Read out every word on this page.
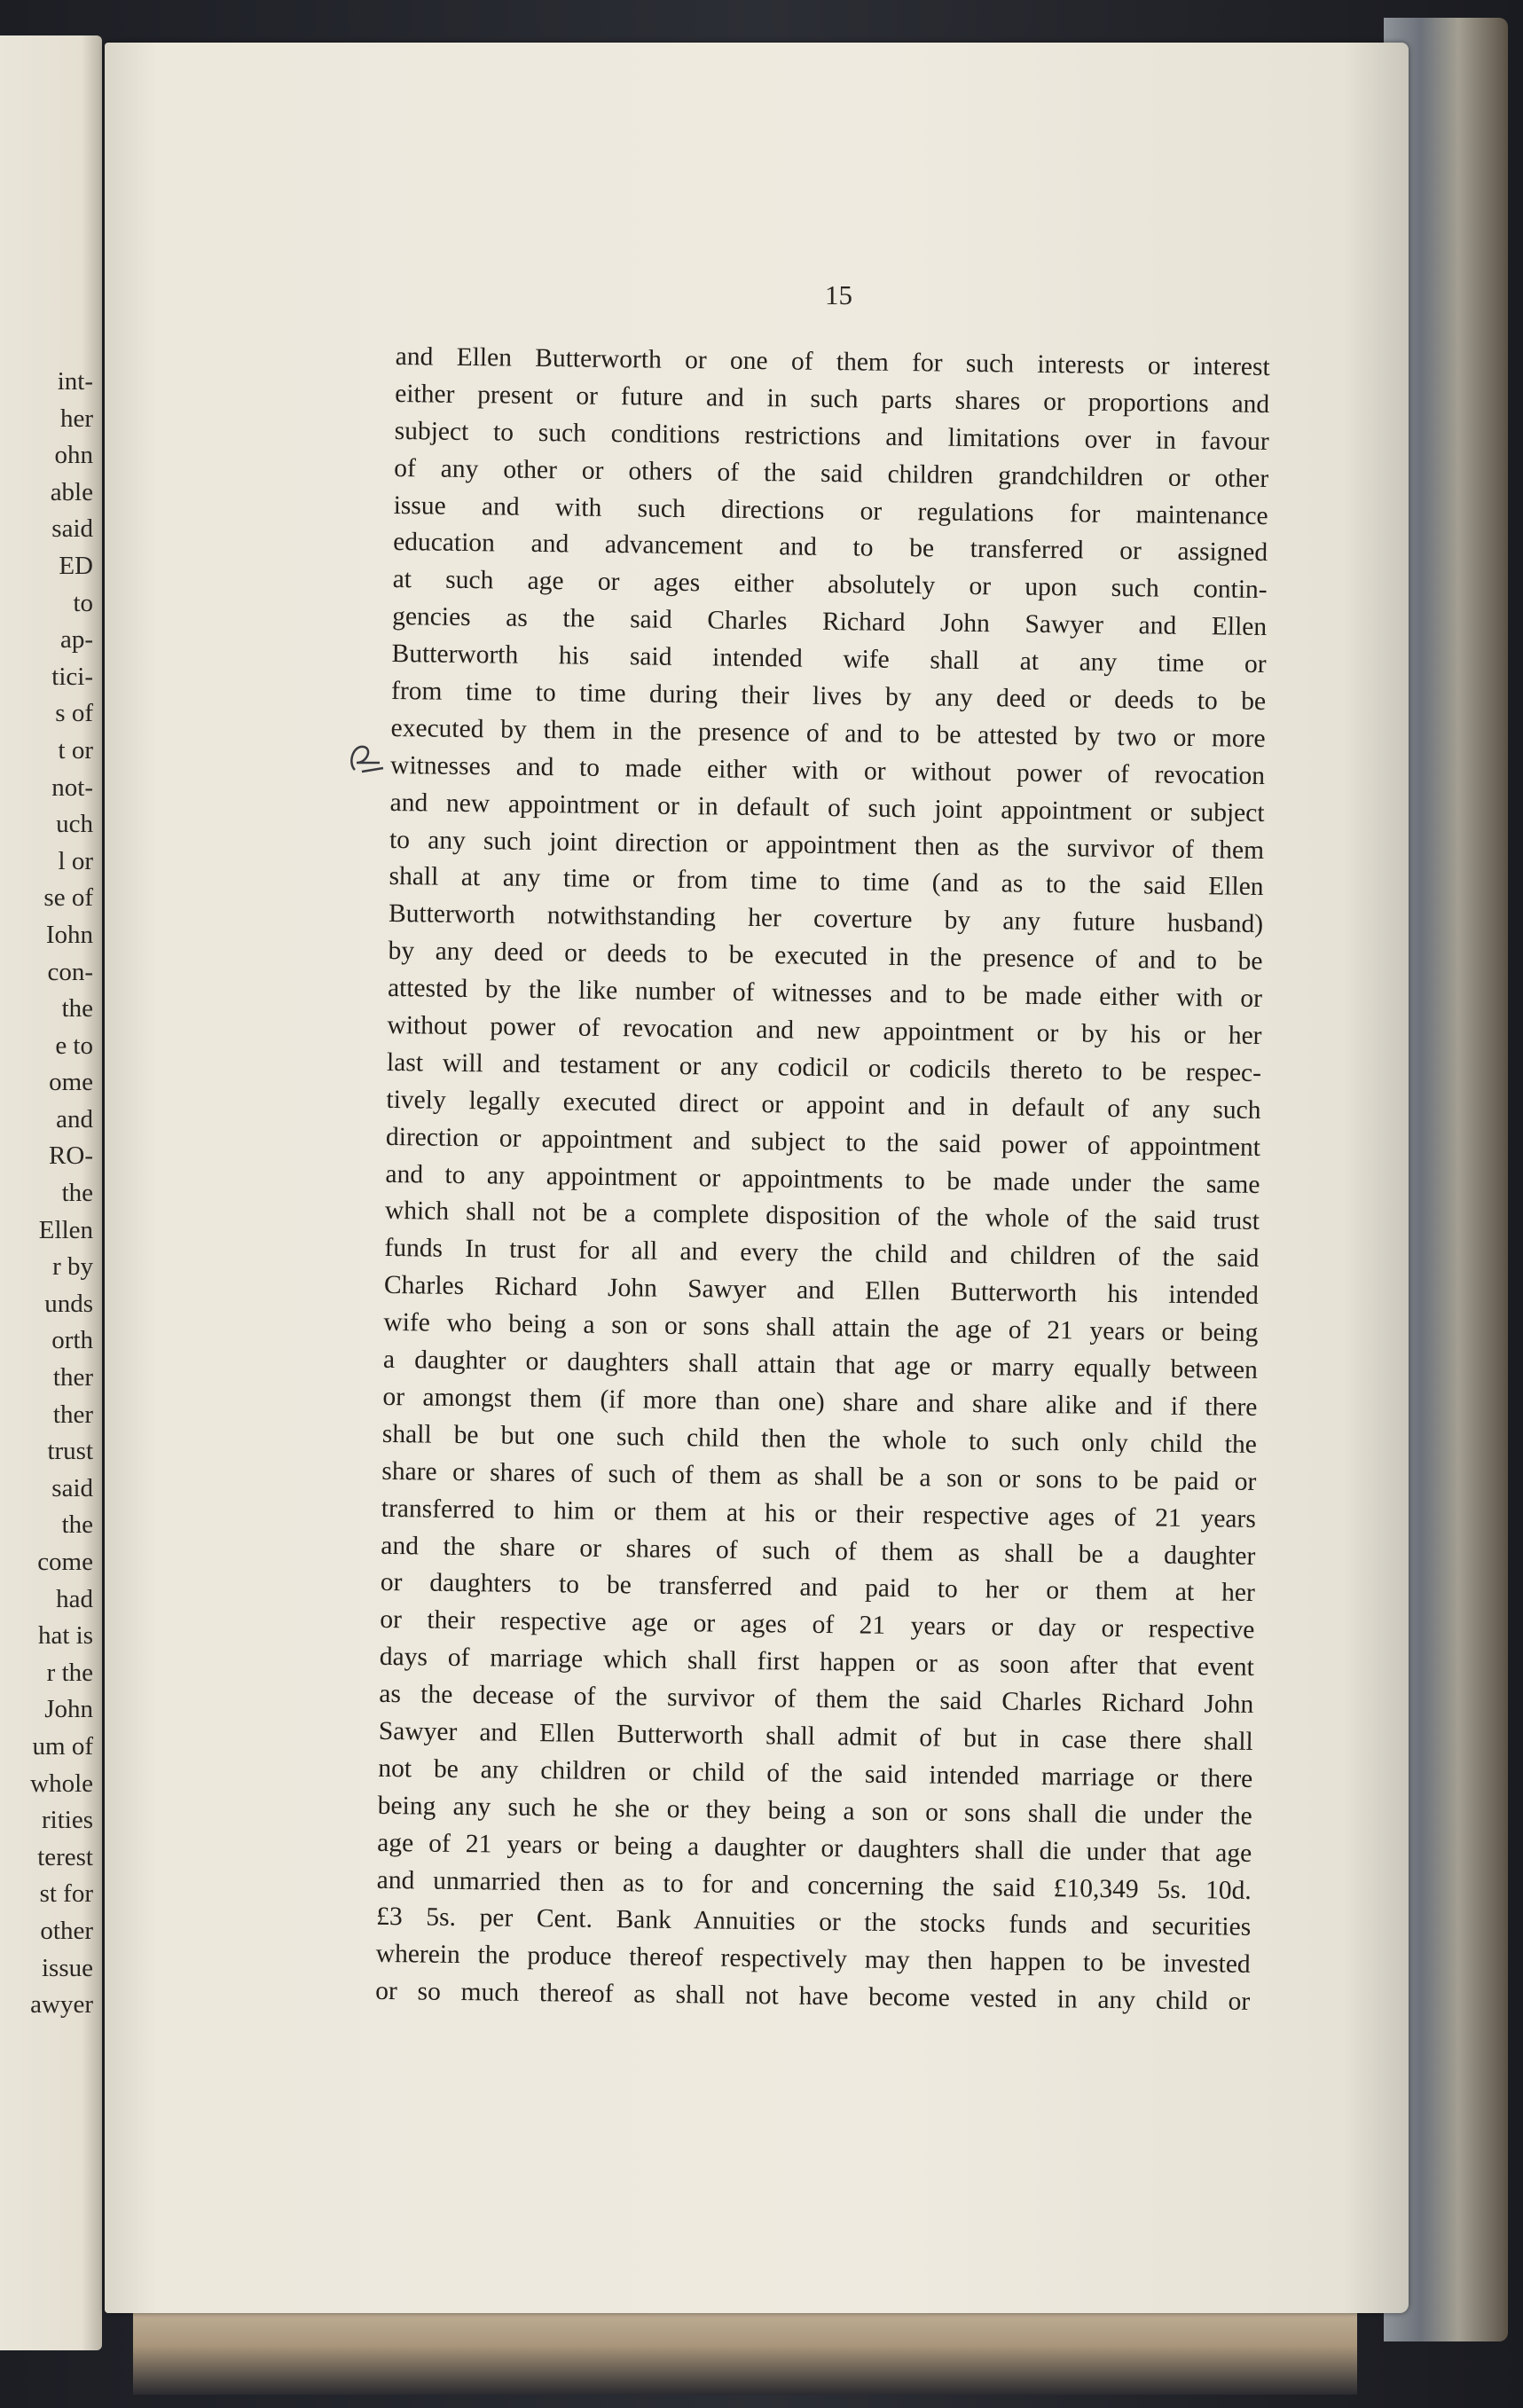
int-
her
ohn
able
said
ED
to
ap-
tici-
s of
t or
not-
uch
l or
se of
Iohn
con-
the
e to
ome
and
RO-
the
Ellen
r by
unds
orth
ther
ther
trust
said
the
come
had
hat is
r the
John
um of
whole
rities
terest
st for
other
issue
awyer
15
and Ellen Butterworth or one of them for such interests or interest
either present or future and in such parts shares or proportions and
subject to such conditions restrictions and limitations over in favour
of any other or others of the said children grandchildren or other
issue and with such directions or regulations for maintenance
education and advancement and to be transferred or assigned
at such age or ages either absolutely or upon such contin-
gencies as the said Charles Richard John Sawyer and Ellen
Butterworth his said intended wife shall at any time or
from time to time during their lives by any deed or deeds to be
executed by them in the presence of and to be attested by two or more
witnesses and to made either with or without power of revocation
and new appointment or in default of such joint appointment or subject
to any such joint direction or appointment then as the survivor of them
shall at any time or from time to time (and as to the said Ellen
Butterworth notwithstanding her coverture by any future husband)
by any deed or deeds to be executed in the presence of and to be
attested by the like number of witnesses and to be made either with or
without power of revocation and new appointment or by his or her
last will and testament or any codicil or codicils thereto to be respec-
tively legally executed direct or appoint and in default of any such
direction or appointment and subject to the said power of appointment
and to any appointment or appointments to be made under the same
which shall not be a complete disposition of the whole of the said trust
funds In trust for all and every the child and children of the said
Charles Richard John Sawyer and Ellen Butterworth his intended
wife who being a son or sons shall attain the age of 21 years or being
a daughter or daughters shall attain that age or marry equally between
or amongst them (if more than one) share and share alike and if there
shall be but one such child then the whole to such only child the
share or shares of such of them as shall be a son or sons to be paid or
transferred to him or them at his or their respective ages of 21 years
and the share or shares of such of them as shall be a daughter
or daughters to be transferred and paid to her or them at her
or their respective age or ages of 21 years or day or respective
days of marriage which shall first happen or as soon after that event
as the decease of the survivor of them the said Charles Richard John
Sawyer and Ellen Butterworth shall admit of but in case there shall
not be any children or child of the said intended marriage or there
being any such he she or they being a son or sons shall die under the
age of 21 years or being a daughter or daughters shall die under that age
and unmarried then as to for and concerning the said £10,349 5s. 10d.
£3 5s. per Cent. Bank Annuities or the stocks funds and securities
wherein the produce thereof respectively may then happen to be invested
or so much thereof as shall not have become vested in any child or
